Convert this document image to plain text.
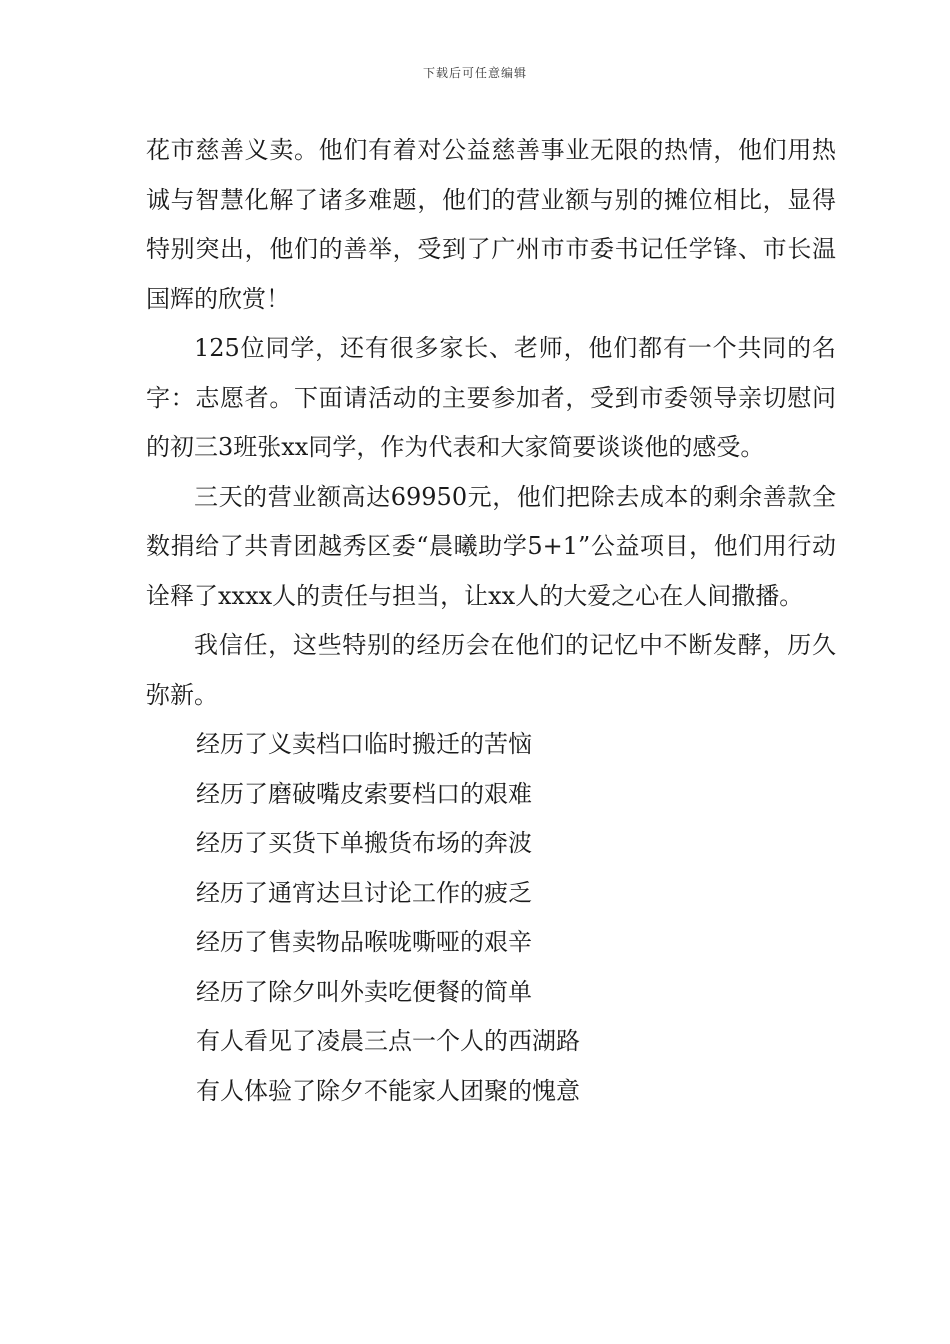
下载后可任意编辑

花市慈善义卖。他们有着对公益慈善事业无限的热情，他们用热诚与智慧化解了诸多难题，他们的营业额与别的摊位相比，显得特别突出，他们的善举，受到了广州市市委书记任学锋、市长温国辉的欣赏！

125位同学，还有很多家长、老师，他们都有一个共同的名字：志愿者。下面请活动的主要参加者，受到市委领导亲切慰问的初三3班张xx同学，作为代表和大家简要谈谈他的感受。

三天的营业额高达69950元，他们把除去成本的剩余善款全数捐给了共青团越秀区委“晨曦助学5+1”公益项目，他们用行动诠释了xxxx人的责任与担当，让xx人的大爱之心在人间撒播。

我信任，这些特别的经历会在他们的记忆中不断发酵，历久弥新。

经历了义卖档口临时搬迁的苦恼

经历了磨破嘴皮索要档口的艰难

经历了买货下单搬货布场的奔波

经历了通宵达旦讨论工作的疲乏

经历了售卖物品喉咙嘶哑的艰辛

经历了除夕叫外卖吃便餐的简单

有人看见了凌晨三点一个人的西湖路

有人体验了除夕不能家人团聚的愧意
